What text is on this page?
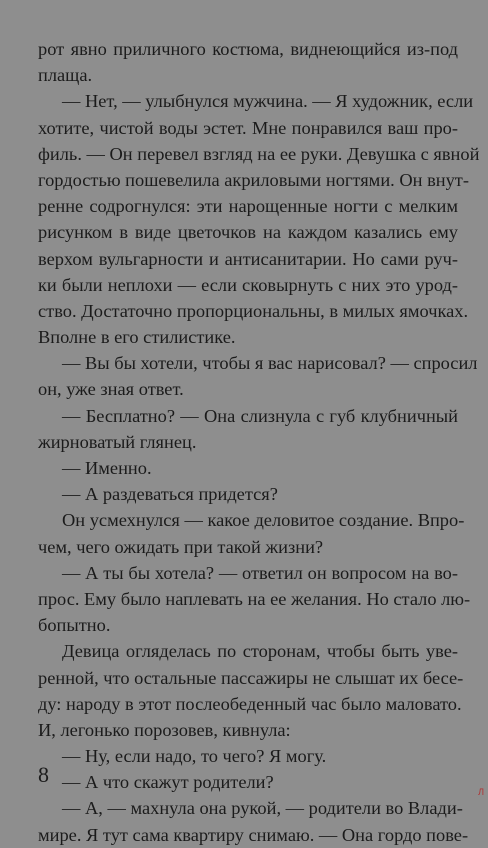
рот явно приличного костюма, виднеющийся из-под
плаща.
— Нет, — улыбнулся мужчина. — Я художник, если
хотите, чистой воды эстет. Мне понравился ваш про-
филь. — Он перевел взгляд на ее руки. Девушка с явной
гордостью пошевелила акриловыми ногтями. Он внут-
ренне содрогнулся: эти нарощенные ногти с мелким
рисунком в виде цветочков на каждом казались ему
верхом вульгарности и антисанитарии. Но сами руч-
ки были неплохи — если сковырнуть с них это урод-
ство. Достаточно пропорциональны, в милых ямочках.
Вполне в его стилистике.
— Вы бы хотели, чтобы я вас нарисовал? — спросил
он, уже зная ответ.
— Бесплатно? — Она слизнула с губ клубничный
жирноватый глянец.
— Именно.
— А раздеваться придется?
Он усмехнулся — какое деловитое создание. Впро-
чем, чего ожидать при такой жизни?
— А ты бы хотела? — ответил он вопросом на во-
прос. Ему было наплевать на ее желания. Но стало лю-
бопытно.
Девица огляделась по сторонам, чтобы быть уве-
ренной, что остальные пассажиры не слышат их бесе-
ду: народу в этот послеобеденный час было маловато.
И, легонько порозовев, кивнула:
— Ну, если надо, то чего? Я могу.
— А что скажут родители?
— А, — махнула она рукой, — родители во Влади-
мире. Я тут сама квартиру снимаю. — Она гордо пове-
8
Л
